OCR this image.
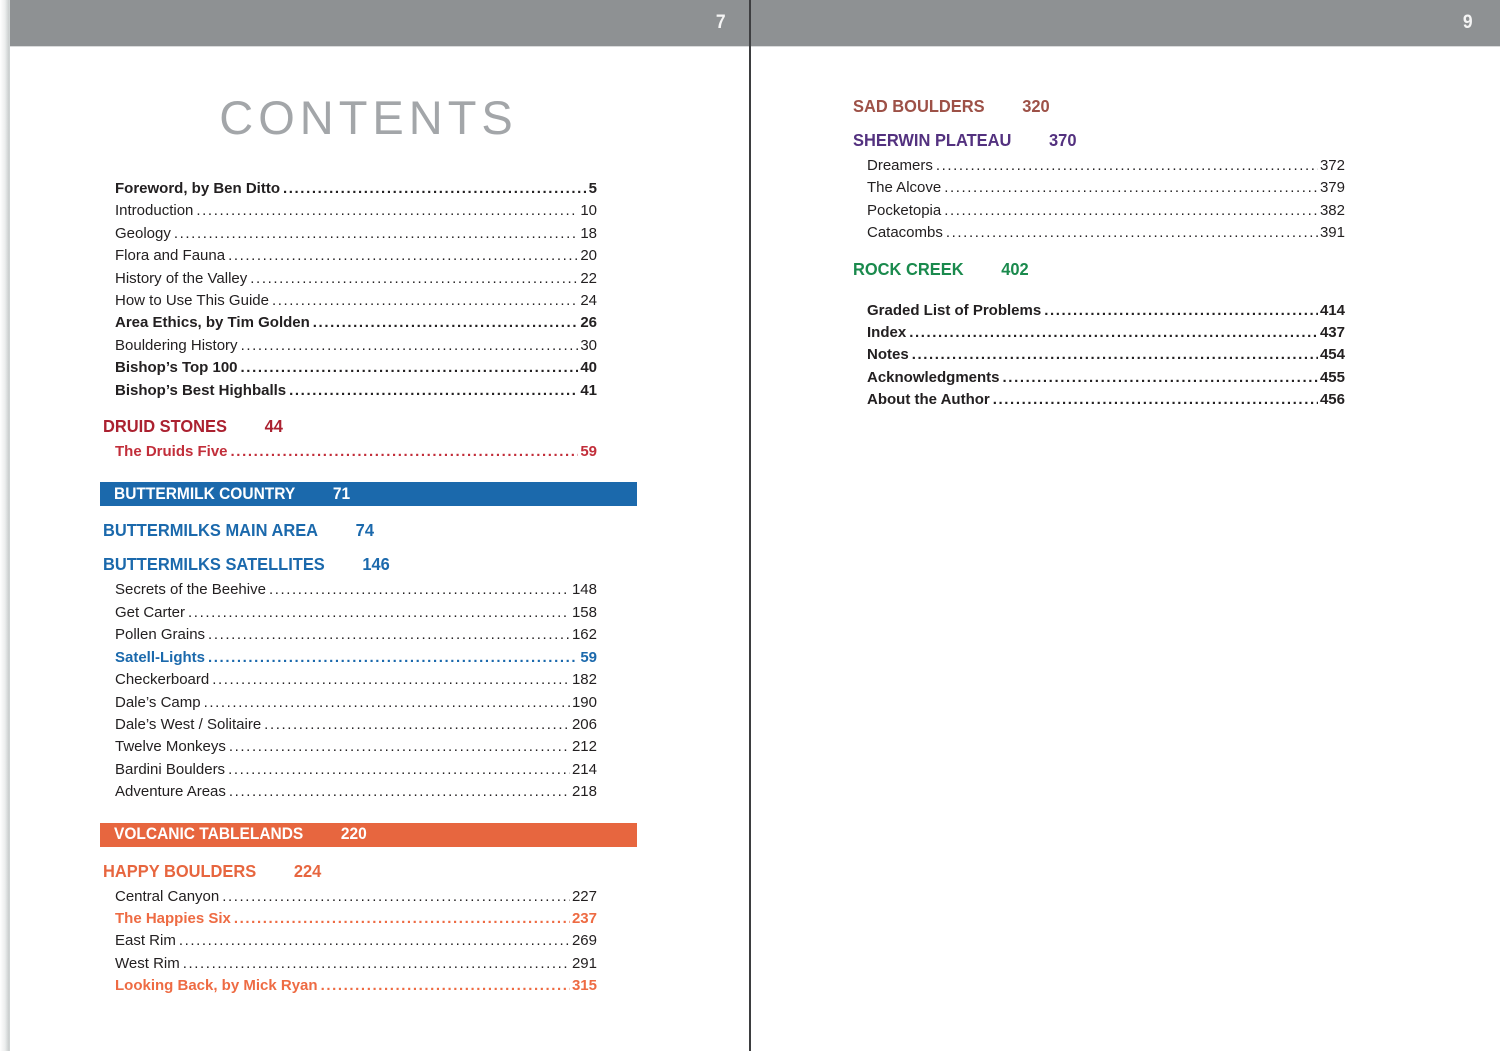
7	9
CONTENTS
Foreword, by Ben Ditto .....	5
Introduction .....	10
Geology .....	18
Flora and Fauna .....	20
History of the Valley .....	22
How to Use This Guide .....	24
Area Ethics, by Tim Golden .....	26
Bouldering History .....	30
Bishop’s Top 100 .....	40
Bishop’s Best Highballs .....	41
DRUID STONES 44
The Druids Five .....	59
BUTTERMILK COUNTRY 71
BUTTERMILKS MAIN AREA 74
BUTTERMILKS SATELLITES 146
Secrets of the Beehive .....	148
Get Carter .....	158
Pollen Grains .....	162
Satell-Lights .....	59
Checkerboard .....	182
Dale’s Camp .....	190
Dale’s West / Solitaire .....	206
Twelve Monkeys .....	212
Bardini Boulders .....	214
Adventure Areas .....	218
VOLCANIC TABLELANDS 220
HAPPY BOULDERS 224
Central Canyon .....	227
The Happies Six .....	237
East Rim .....	269
West Rim .....	291
Looking Back, by Mick Ryan .....	315
SAD BOULDERS 320
SHERWIN PLATEAU 370
Dreamers .....	372
The Alcove .....	379
Pocketopia .....	382
Catacombs .....	391
ROCK CREEK 402
Graded List of Problems .....	414
Index .....	437
Notes .....	454
Acknowledgments .....	455
About the Author .....	456
